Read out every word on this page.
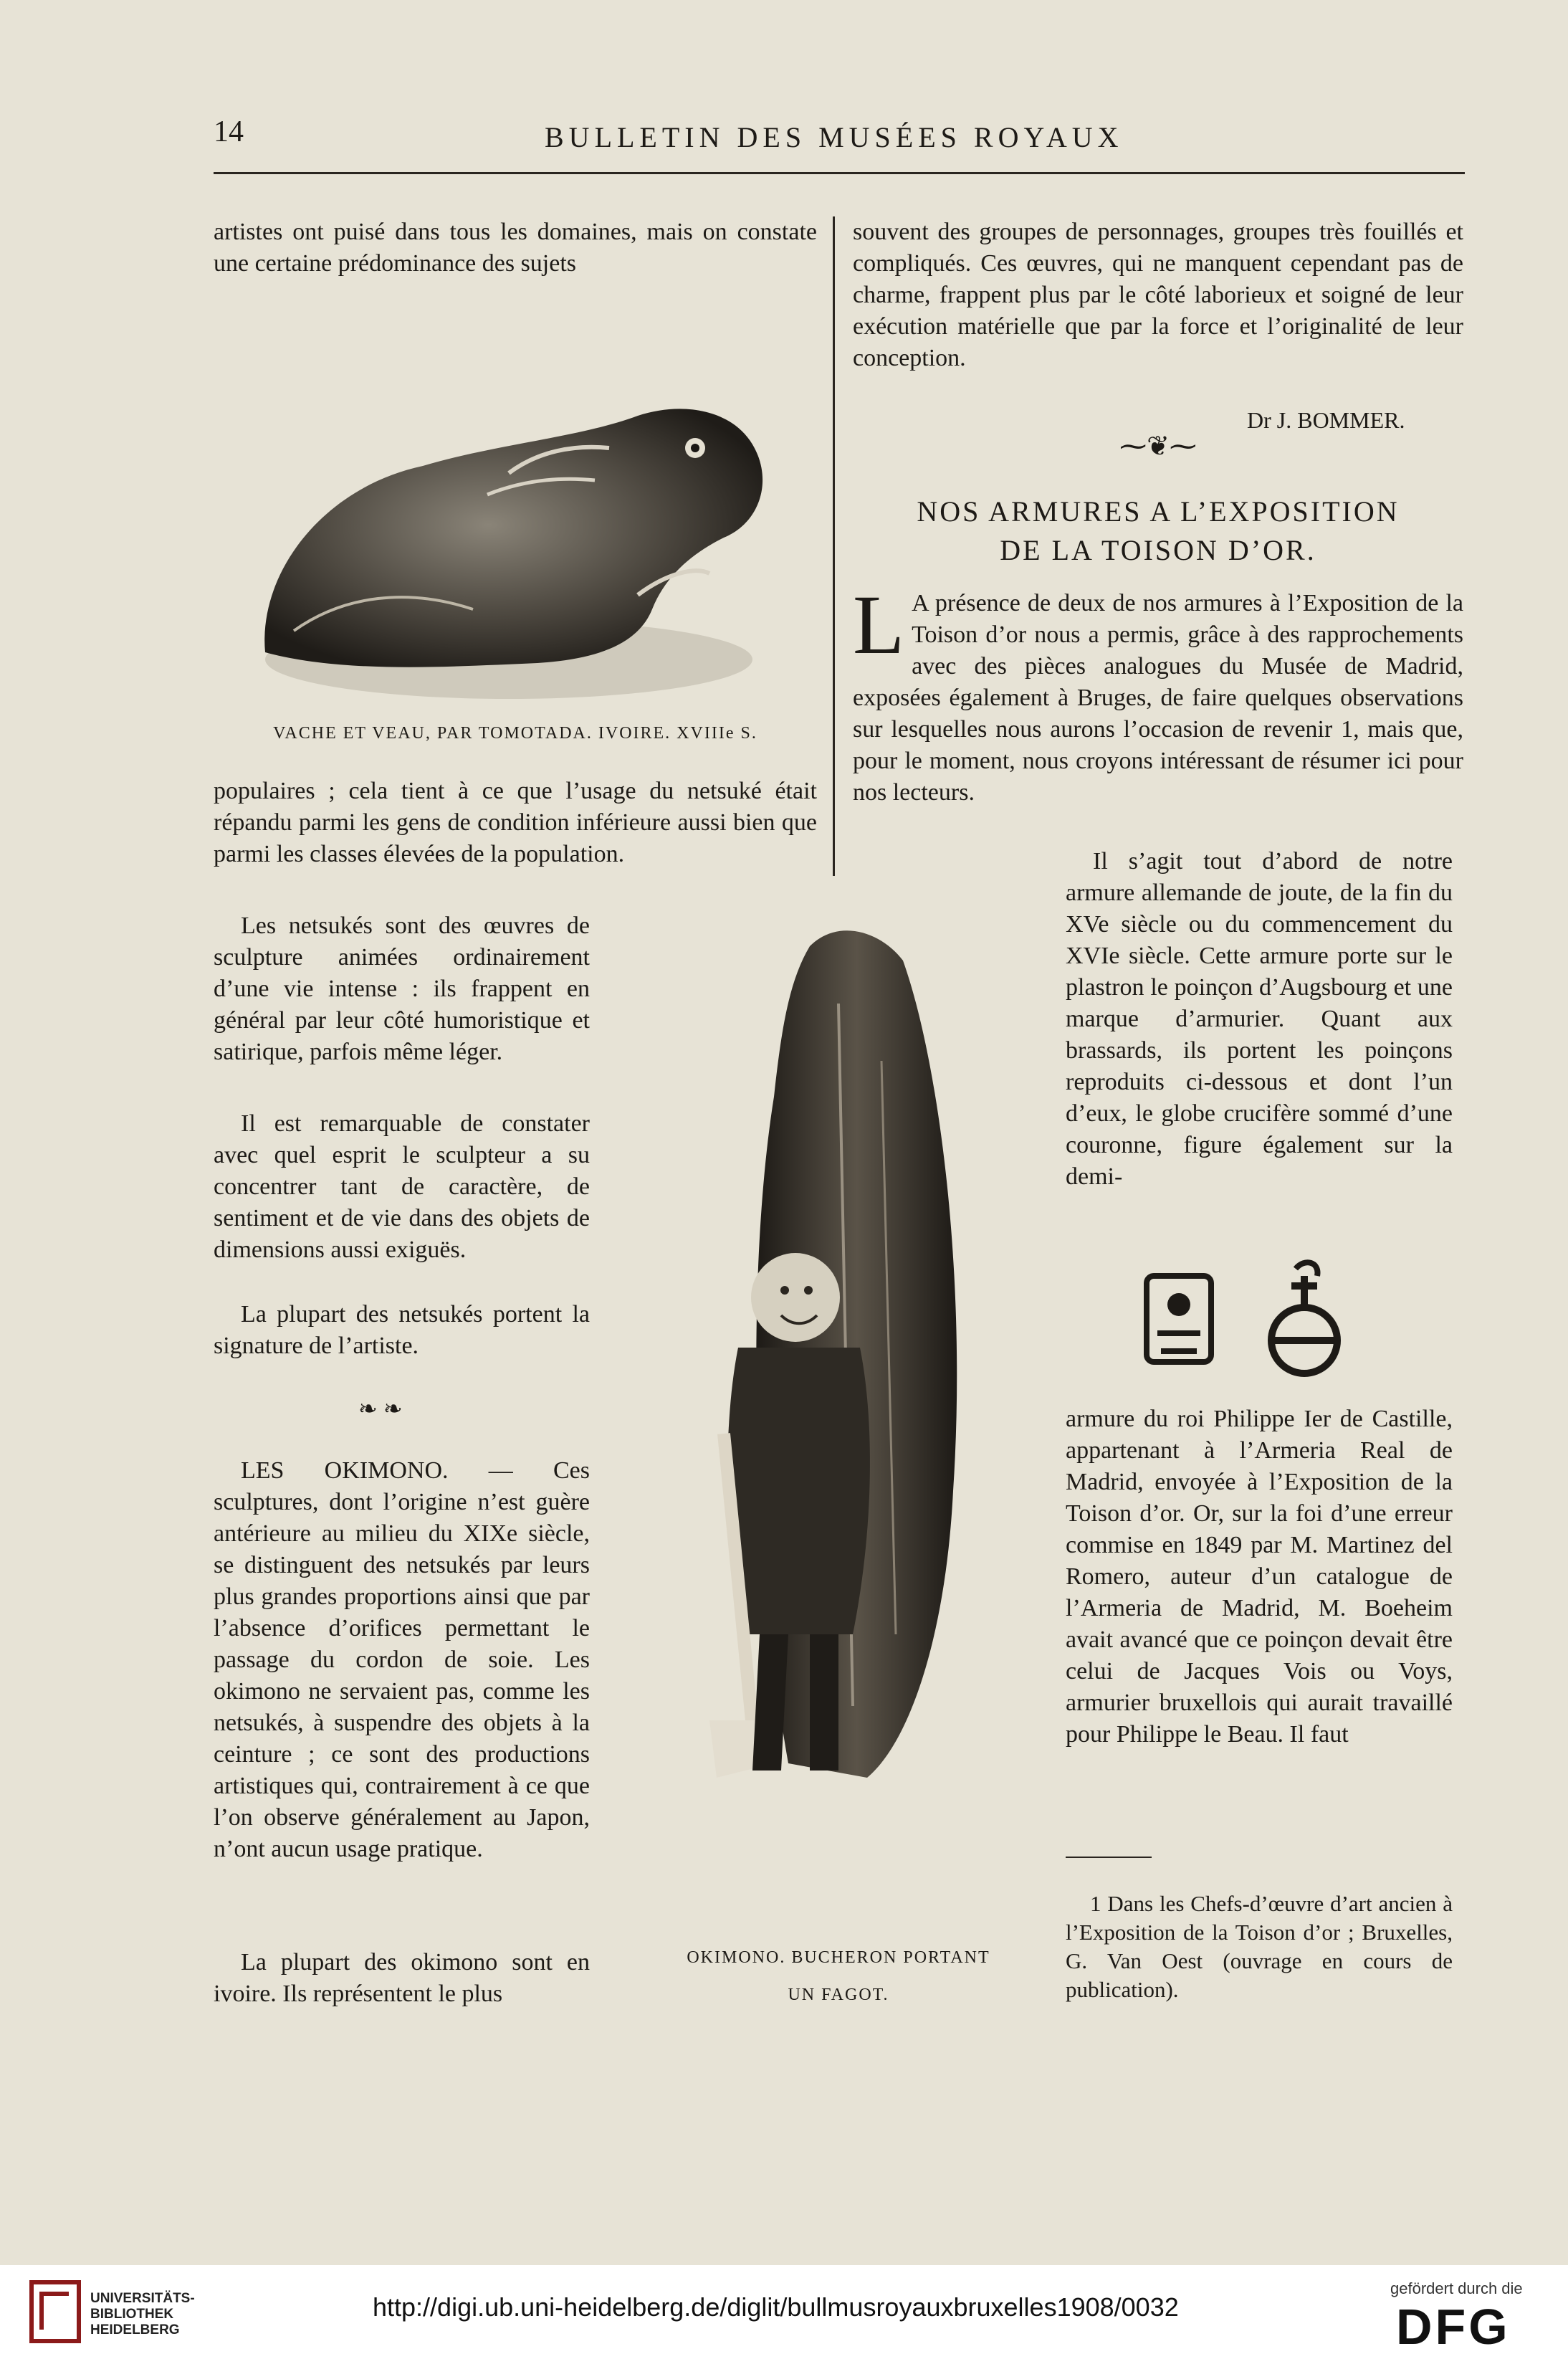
14	BULLETIN DES MUSÉES ROYAUX

artistes ont puisé dans tous les domaines, mais on constate une certaine prédominance des sujets

VACHE ET VEAU, PAR TOMOTADA. IVOIRE. XVIIIe S.

populaires ; cela tient à ce que l’usage du netsuké était répandu parmi les gens de condition inférieure aussi bien que parmi les classes élevées de la population.

Les netsukés sont des œuvres de sculpture animées ordinairement d’une vie intense : ils frappent en général par leur côté humoristique et satirique, parfois même léger.

Il est remarquable de constater avec quel esprit le sculpteur a su concentrer tant de caractère, de sentiment et de vie dans des objets de dimensions aussi exiguës.

La plupart des netsukés portent la signature de l’artiste.

❧ ❧

LES OKIMONO. — Ces sculptures, dont l’origine n’est guère antérieure au milieu du XIXe siècle, se distinguent des netsukés par leurs plus grandes proportions ainsi que par l’absence d’orifices permettant le passage du cordon de soie. Les okimono ne servaient pas, comme les netsukés, à suspendre des objets à la ceinture ; ce sont des productions artistiques qui, contrairement à ce que l’on observe généralement au Japon, n’ont aucun usage pratique.

La plupart des okimono sont en ivoire. Ils représentent le plus

OKIMONO. BUCHERON PORTANT
UN FAGOT.

souvent des groupes de personnages, groupes très fouillés et compliqués. Ces œuvres, qui ne manquent cependant pas de charme, frappent plus par le côté laborieux et soigné de leur exécution matérielle que par la force et l’originalité de leur conception.

Dr J. BOMMER.
⁓❦⁓
NOS ARMURES A L’EXPOSITION
DE LA TOISON D’OR.
L A présence de deux de nos armures à l’Exposition de la Toison d’or nous a permis, grâce à des rapprochements avec des pièces analogues du Musée de Madrid, exposées également à Bruges, de faire quelques observations sur lesquelles nous aurons l’occasion de revenir 1, mais que, pour le moment, nous croyons intéressant de résumer ici pour nos lecteurs.

Il s’agit tout d’abord de notre armure allemande de joute, de la fin du XVe siècle ou du commencement du XVIe siècle. Cette armure porte sur le plastron le poinçon d’Augsbourg et une marque d’armurier. Quant aux brassards, ils portent les poinçons reproduits ci-dessous et dont l’un d’eux, le globe crucifère sommé d’une couronne, figure également sur la demi-

armure du roi Philippe Ier de Castille, appartenant à l’Armeria Real de Madrid, envoyée à l’Exposition de la Toison d’or. Or, sur la foi d’une erreur commise en 1849 par M. Martinez del Romero, auteur d’un catalogue de l’Armeria de Madrid, M. Boeheim avait avancé que ce poinçon devait être celui de Jacques Vois ou Voys, armurier bruxellois qui aurait travaillé pour Philippe le Beau. Il faut

1 Dans les Chefs-d’œuvre d’art ancien à l’Exposition de la Toison d’or ; Bruxelles, G. Van Oest (ouvrage en cours de publication).

UNIVERSITÄTS-
BIBLIOTHEK
HEIDELBERG
http://digi.ub.uni-heidelberg.de/diglit/bullmusroyauxbruxelles1908/0032
gefördert durch die
DFG
